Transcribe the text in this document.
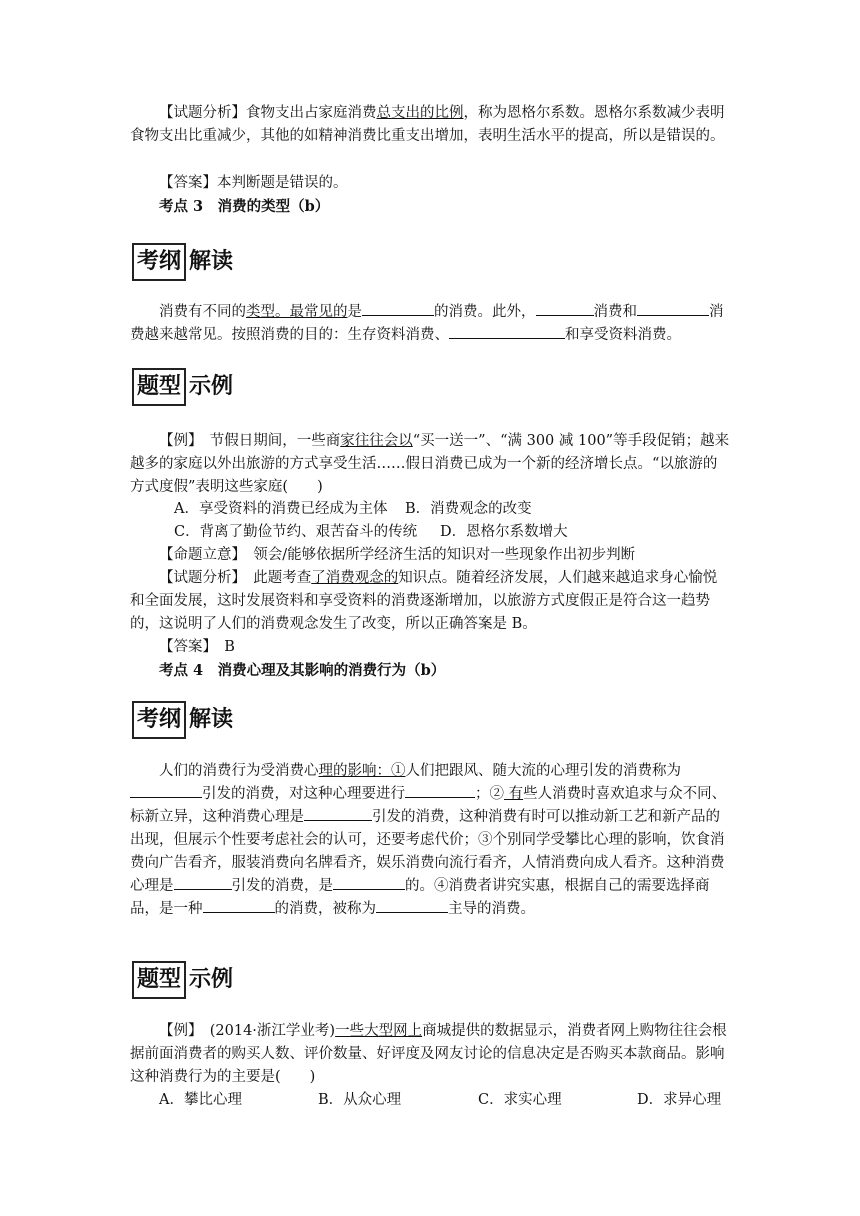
【试题分析】食物支出占家庭消费总支出的比例，称为恩格尔系数。恩格尔系数减少表明食物支出比重减少，其他的如精神消费比重支出增加，表明生活水平的提高，所以是错误的。
【答案】本判断题是错误的。
考点 3　消费的类型（b）
考纲 解读
消费有不同的类型。最常见的是	的消费。此外，	消费和	消费越来越常见。按照消费的目的：生存资料消费、	和享受资料消费。
题型 示例
【例】　节假日期间，一些商家往往会以“买一送一”、“满 300 减 100”等手段促销；越来越多的家庭以外出旅游的方式享受生活……假日消费已成为一个新的经济增长点。“以旅游的方式度假”表明这些家庭(　　)
A．享受资料的消费已经成为主体 B．消费观念的改变
C．背离了勤俭节约、艰苦奋斗的传统 D．恩格尔系数增大
【命题立意】　领会/能够依据所学经济生活的知识对一些现象作出初步判断
【试题分析】　此题考查了消费观念的知识点。随着经济发展，人们越来越追求身心愉悦和全面发展，这时发展资料和享受资料的消费逐渐增加，以旅游方式度假正是符合这一趋势的，这说明了人们的消费观念发生了改变，所以正确答案是 B。
【答案】　B
考点 4　消费心理及其影响的消费行为（b）
考纲 解读
人们的消费行为受消费心理的影响：①人们把跟风、随大流的心理引发的消费称为引发的消费，对这种心理要进行	；② 有些人消费时喜欢追求与众不同、标新立异，这种消费心理是	引发的消费，这种消费有时可以推动新工艺和新产品的出现，但展示个性要考虑社会的认可，还要考虑代价；③个别同学受攀比心理的影响，饮食消费向广告看齐，服装消费向名牌看齐，娱乐消费向流行看齐，人情消费向成人看齐。这种消费心理是	引发的消费，是	的。④消费者讲究实惠，根据自己的需要选择商品，是一种	的消费，被称为	主导的消费。
题型 示例
【例】　(2014·浙江学业考)一些大型网上商城提供的数据显示，消费者网上购物往往会根据前面消费者的购买人数、评价数量、好评度及网友讨论的信息决定是否购买本款商品。影响这种消费行为的主要是(　　)
A．攀比心理	B．从众心理	C．求实心理	D．求异心理
